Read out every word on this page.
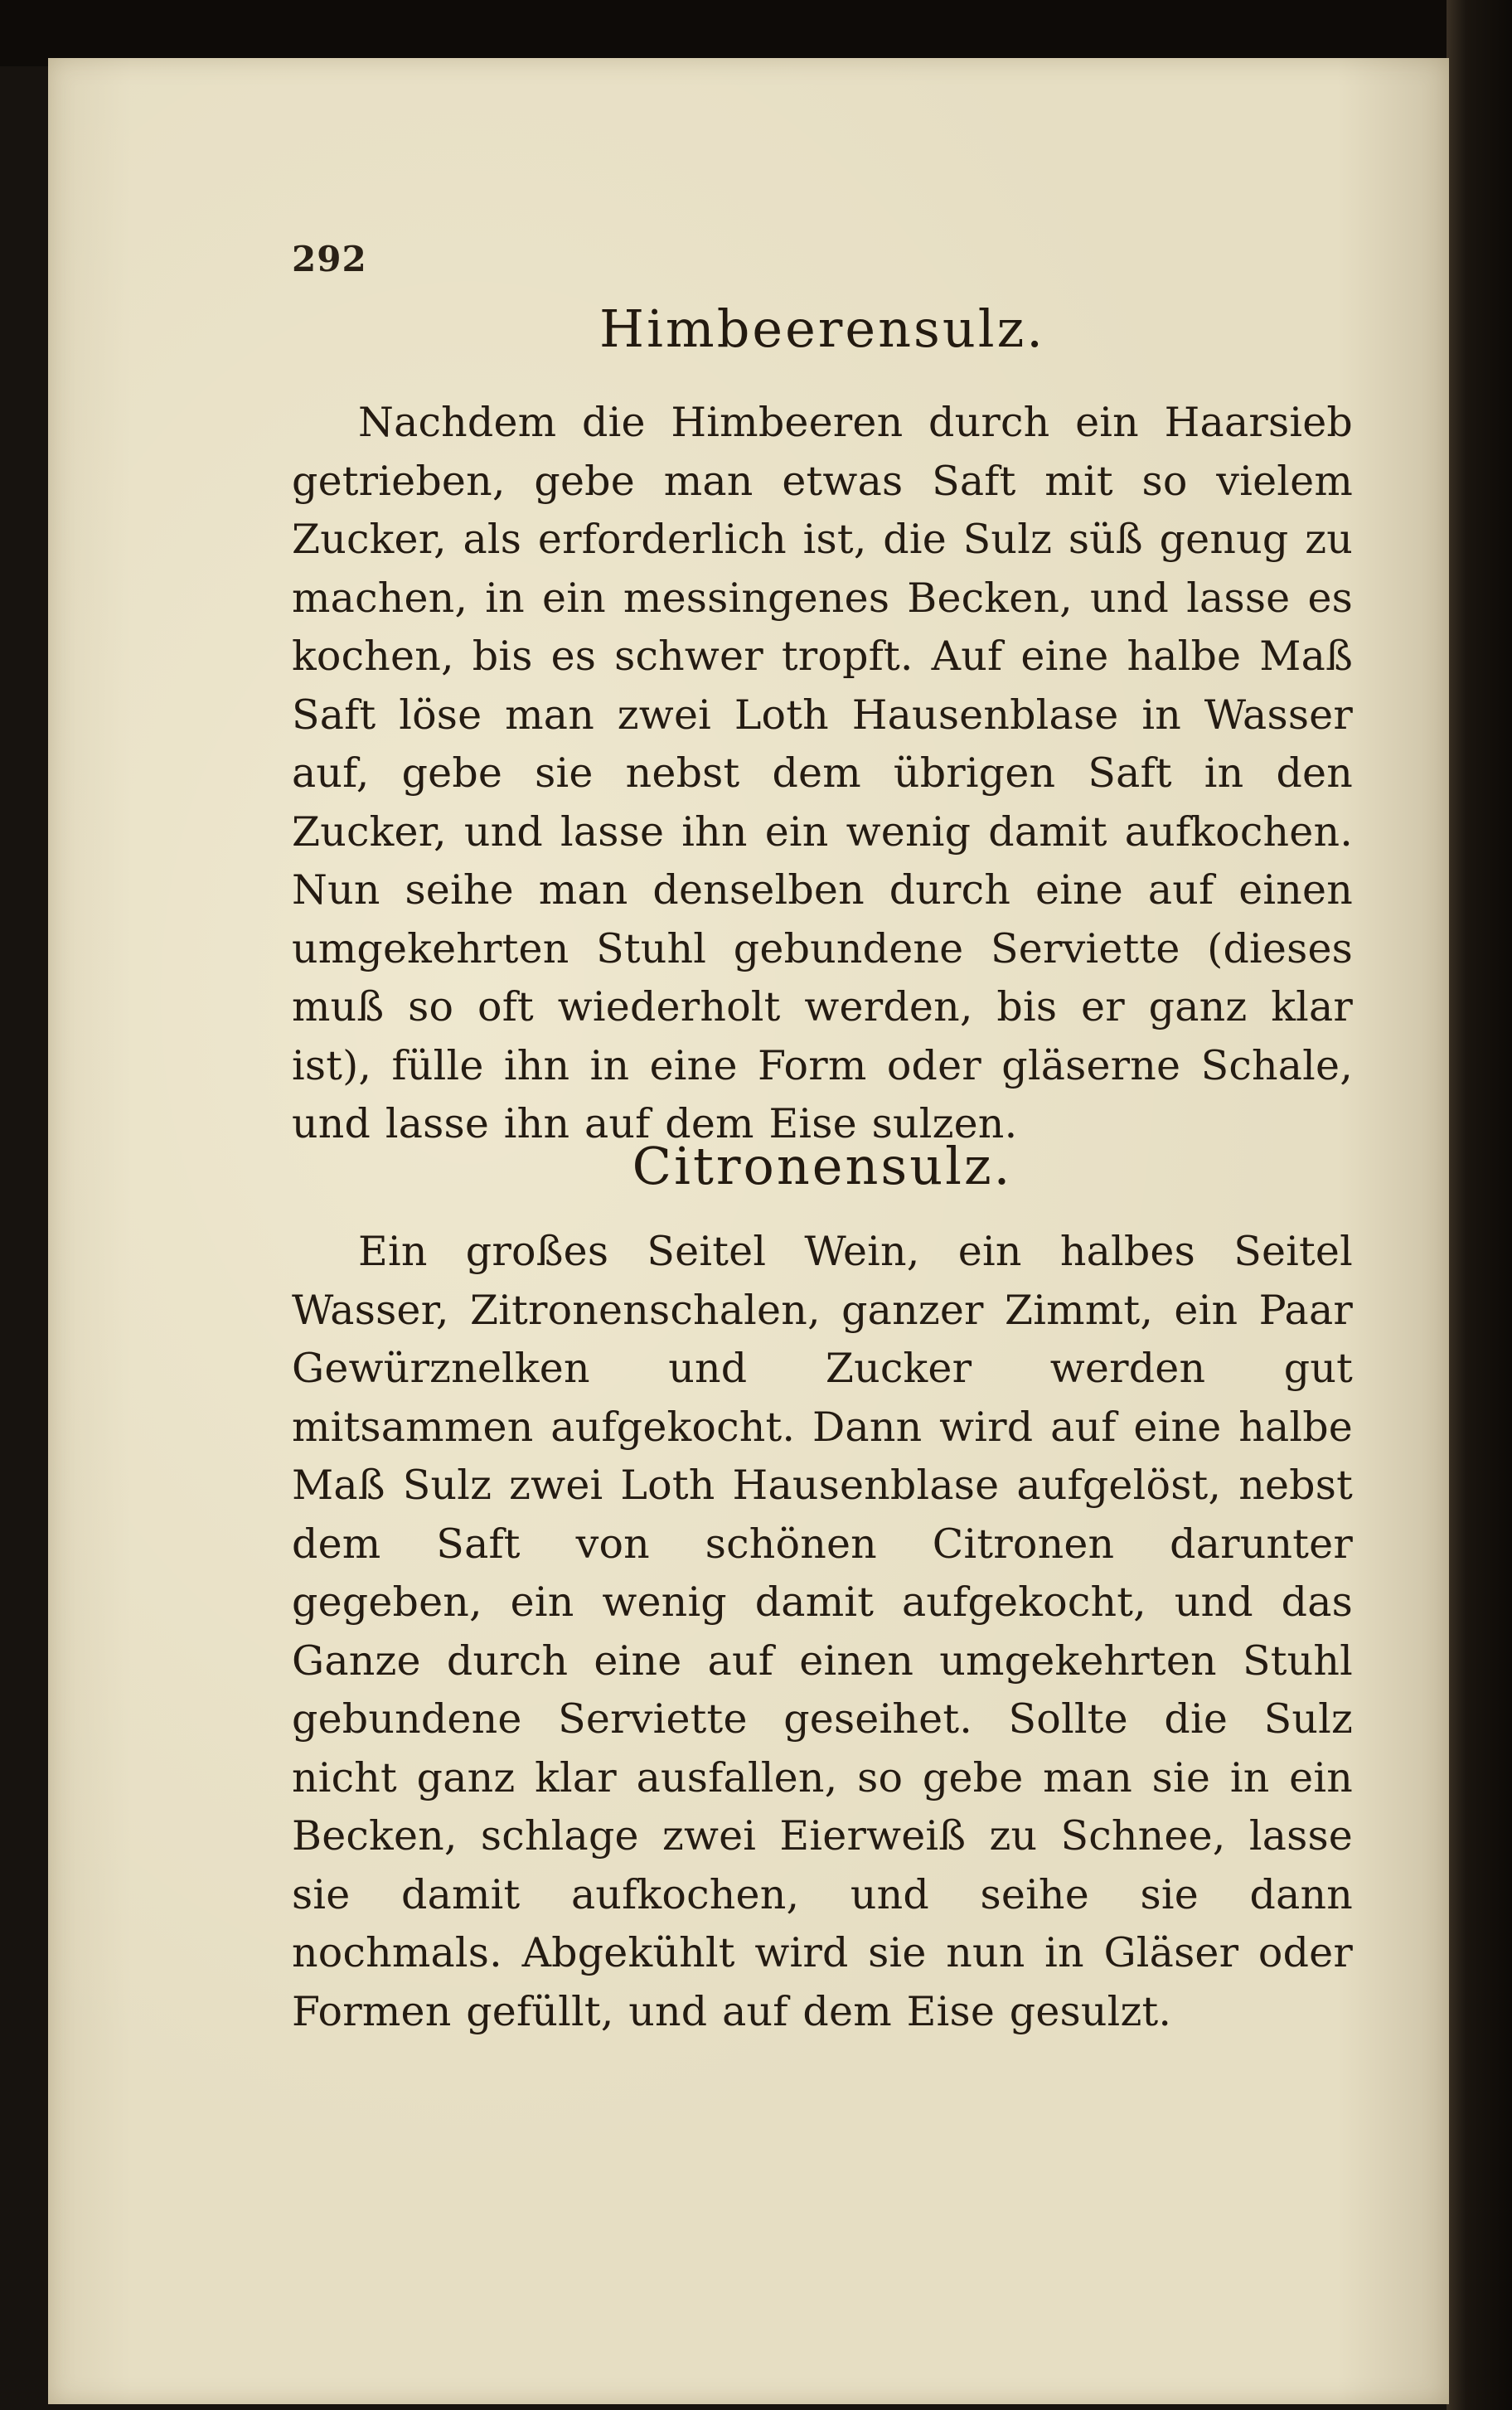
292
Himbeerensulz.

Nachdem die Himbeeren durch ein Haarsieb getrieben, gebe man etwas Saft mit so vielem Zucker, als erforderlich ist, die Sulz süß genug zu machen, in ein messingenes Becken, und lasse es kochen, bis es schwer tropft. Auf eine halbe Maß Saft löse man zwei Loth Hausenblase in Wasser auf, gebe sie nebst dem übrigen Saft in den Zucker, und lasse ihn ein wenig damit aufkochen. Nun seihe man denselben durch eine auf einen umgekehrten Stuhl gebundene Serviette (dieses muß so oft wiederholt werden, bis er ganz klar ist), fülle ihn in eine Form oder gläserne Schale, und lasse ihn auf dem Eise sulzen.

Citronensulz.

Ein großes Seitel Wein, ein halbes Seitel Wasser, Zitronenschalen, ganzer Zimmt, ein Paar Gewürznelken und Zucker werden gut mitsammen aufgekocht. Dann wird auf eine halbe Maß Sulz zwei Loth Hausenblase aufgelöst, nebst dem Saft von schönen Citronen darunter gegeben, ein wenig damit aufgekocht, und das Ganze durch eine auf einen umgekehrten Stuhl gebundene Serviette geseihet. Sollte die Sulz nicht ganz klar ausfallen, so gebe man sie in ein Becken, schlage zwei Eierweiß zu Schnee, lasse sie damit aufkochen, und seihe sie dann nochmals. Abgekühlt wird sie nun in Gläser oder Formen gefüllt, und auf dem Eise gesulzt.
